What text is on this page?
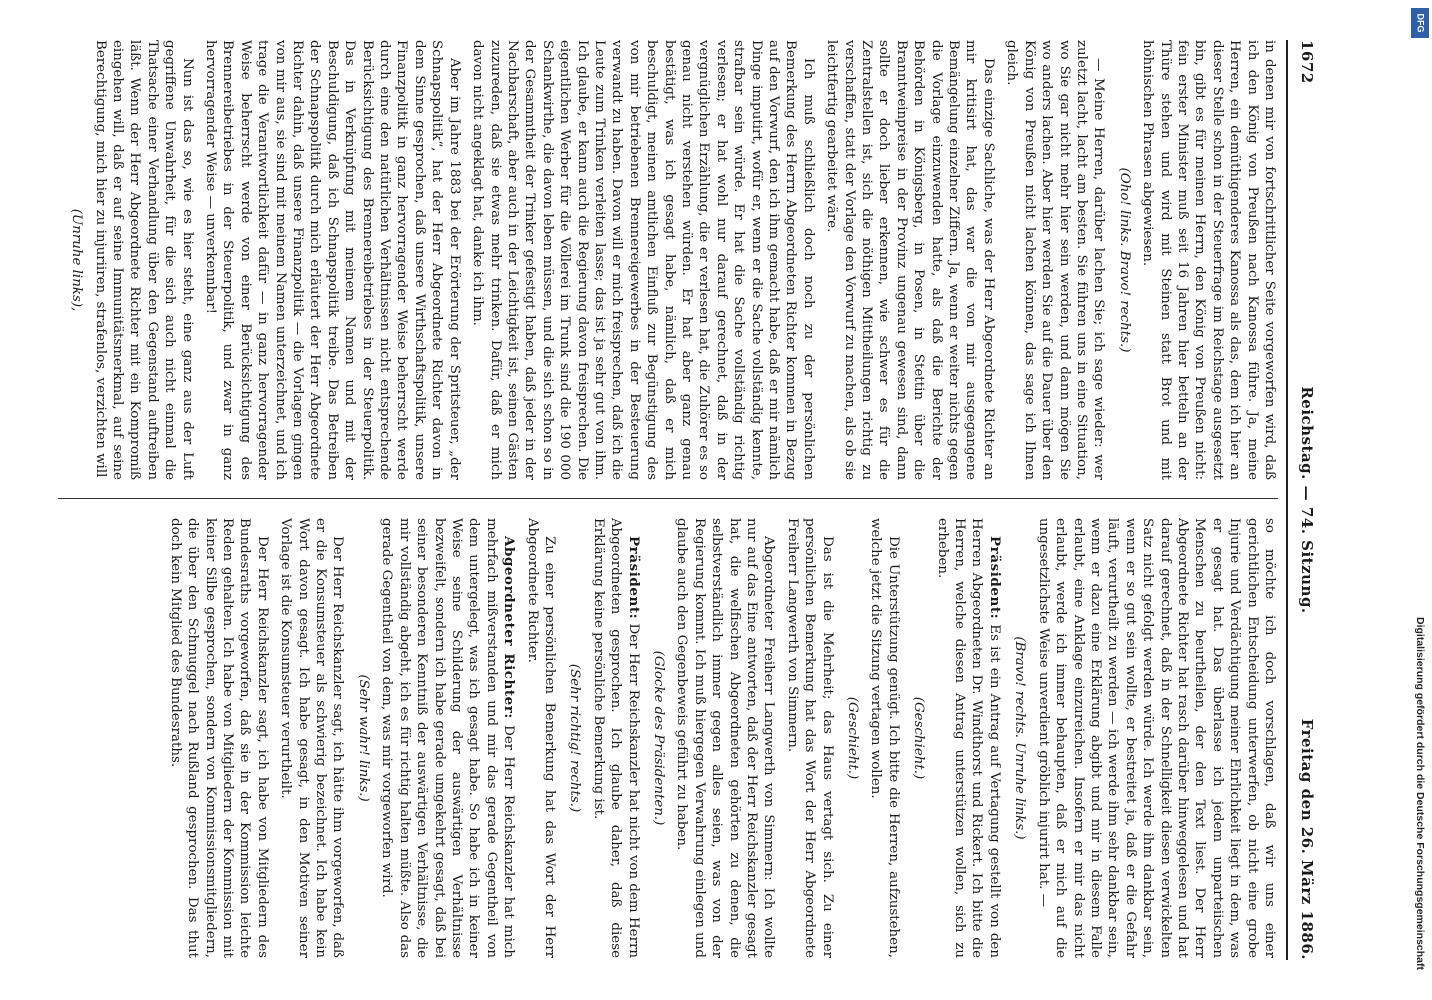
1672
Reichstag. — 74. Sitzung.
Freitag den 26. März 1886.

in denen mir von fortschrittlicher Seite vorgeworfen wird, daß ich den König von Preußen nach Kanossa führe. Ja, meine Herren, ein demüthigenderes Kanossa als das, dem ich hier an dieser Stelle schon in der Steuerfrage im Reichstage ausgesetzt bin, gibt es für meinen Herrn, den König von Preußen nicht: fein erster Minister muß seit 16 Jahren hier betteln an der Thüre stehen und wird mit Steinen statt Brot und mit höhnischen Phrasen abgewiesen.

(Oho! links. Bravo! rechts.)

— Meine Herren, darüber lachen Sie; ich sage wieder: wer zuletzt lacht, lacht am besten. Sie führen uns in eine Situation, wo Sie gar nicht mehr hier sein werden, und dann mögen Sie wo anders lachen. Aber hier werden Sie auf die Dauer über den König von Preußen nicht lachen können, das sage ich Ihnen gleich.

Das einzige Sachliche, was der Herr Abgeordnete Richter an mir kritisirt hat, das war die von mir ausgegangene Bemängelung einzelner Ziffern. Ja, wenn er weiter nichts gegen die Vorlage einzuwenden hatte, als daß die Berichte der Behörden in Königsberg, in Posen, in Stettin über die Branntweinpreise in der Provinz ungenau gewesen sind, dann sollte er doch lieber erkennen, wie schwer es für die Zentralstellen ist, sich die nöthigen Mittheilungen richtig zu verschaffen, statt der Vorlage den Vorwurf zu machen, als ob sie leichtfertig gearbeitet wäre.

Ich muß schließlich doch noch zu der persönlichen Bemerkung des Herrn Abgeordneten Richter kommen in Bezug auf den Vorwurf, den ich ihm gemacht habe, daß er mir nämlich Dinge imputirt, wofür er, wenn er die Sache vollständig kennte, strafbar sein würde. Er hat die Sache vollständig richtig verlesen; er hat wohl nur darauf gerechnet, daß in der vergnüglichen Erzählung, die er verlesen hat, die Zuhörer es so genau nicht verstehen würden. Er hat aber ganz genau bestätigt, was ich gesagt habe, nämlich, daß er mich beschuldigt, meinen amtlichen Einfluß zur Begünstigung des von mir betriebenen Brennereigewerbes in der Besteuerung verwandt zu haben. Davon will er mich freisprechen, daß ich die Leute zum Trinken verleiten lasse; das ist ja sehr gut von ihm. Ich glaube, er kann auch die Regierung davon freisprechen. Die eigentlichen Werber für die Völlerei im Trunk sind die 190 000 Schankwirthe, die davon leben müssen, und die sich schon so in der Gesammtheit der Trinker gefestigt haben, daß jeder in der Nachbarschaft, aber auch in der Leichtigkeit ist, seinen Gästen zuzureden, daß sie etwas mehr trinken. Dafür, daß er mich davon nicht angeklagt hat, danke ich ihm.

Aber im Jahre 1883 bei der Erörterung der Spritsteuer, „der Schnapspolitik“, hat der Herr Abgeordnete Richter davon in dem Sinne gesprochen, daß unsere Wirthschaftspolitik, unsere Finanzpolitik in ganz hervorragender Weise beherrscht werde durch eine den natürlichen Verhältnissen nicht entsprechende Berücksichtigung des Brennereibetriebes in der Steuerpolitik. Das in Verknüpfung mit meinem Namen und mit der Beschuldigung, daß ich Schnapspolitik treibe. Das Betreiben der Schnapspolitik durch mich erläutert der Herr Abgeordnete Richter dahin, daß unsere Finanzpolitik — die Vorlagen gingen von mir aus, sie sind mit meinem Namen unterzeichnet, und ich trage die Verantwortlichkeit dafür — in ganz hervorragender Weise beherrscht werde von einer Berücksichtigung des Brennereibetriebes in der Steuerpolitik, und zwar in ganz hervorragender Weise — unverkennbar!

Nun ist das so, wie es hier steht, eine ganz aus der Luft gegriffene Unwahrheit, für die sich auch nicht einmal die Thatsache einer Verhandlung über den Gegenstand auftreiben läßt. Wenn der Herr Abgeordnete Richter mit ein Kompromiß eingehen will, daß er auf seine Immunitätsmerkmal, auf seine Berechtigung, mich hier zu injuriiren, strafenlos, verzichten will

(Unruhe links),

so möchte ich doch vorschlagen, daß wir uns einer gerichtlichen Entscheidung unterwerfen, ob nicht eine grobe Injurie und Verdächtigung meiner Ehrlichkeit liegt in dem, was er gesagt hat. Das überlasse ich jedem unparteiischen Menschen zu beurtheilen, der den Text liest. Der Herr Abgeordnete Richter hat rasch darüber hinweggelesen und hat darauf gerechnet, daß in der Schnelligkeit diesen verwickelten Satz nicht gefolgt werden würde. Ich werde ihm dankbar sein, wenn er so gut sein wollte, er bestreitet ja, daß er die Gefahr läuft, verurtheilt zu werden — ich werde ihm sehr dankbar sein, wenn er dazu eine Erklärung abgibt und mir in diesem Falle erlaubt, eine Anklage einzureichen. Insofern er mir das nicht erlaubt, werde ich immer behaupten, daß er mich auf die ungesetzlichste Weise unverdient gröblich injurirt hat. —

(Bravo! rechts. Unruhe links.)

Präsident: Es ist ein Antrag auf Vertagung gestellt von den Herren Abgeordneten Dr. Windthorst und Rickert. Ich bitte die Herren, welche diesen Antrag unterstützen wollen, sich zu erheben.

(Geschieht.)

Die Unterstützung genügt. Ich bitte die Herren, aufzustehen, welche jetzt die Sitzung vertagen wollen.

(Geschieht.)

Das ist die Mehrheit; das Haus vertagt sich. Zu einer persönlichen Bemerkung hat das Wort der Herr Abgeordnete Freiherr Langwerth von Simmern.

Abgeordneter Freiherr Langwerth von Simmern: Ich wollte nur auf das Eine antworten, daß der Herr Reichskanzler gesagt hat, die welfischen Abgeordneten gehörten zu denen, die selbstverständlich immer gegen alles seien, was von der Regierung kommt. Ich muß hiergegen Verwahrung einlegen und glaube auch den Gegenbeweis geführt zu haben.

(Glocke des Präsidenten.)

Präsident: Der Herr Reichskanzler hat nicht von dem Herrn Abgeordneten gesprochen. Ich glaube daher, daß diese Erklärung keine persönliche Bemerkung ist.

(Sehr richtig! rechts.)

Zu einer persönlichen Bemerkung hat das Wort der Herr Abgeordnete Richter.

Abgeordneter Richter: Der Herr Reichskanzler hat mich mehrfach mißverstanden und mir das gerade Gegentheil von dem untergelegt, was ich gesagt habe. So habe ich in keiner Weise seine Schilderung der auswärtigen Verhältnisse bezweifelt, sondern ich habe gerade umgekehrt gesagt, daß bei seiner besonderen Kenntniß der auswärtigen Verhältnisse, die mir vollständig abgeht, ich es für richtig halten müßte. Also das gerade Gegentheil von dem, was mir vorgeworfen wird.

(Sehr wahr! links.)

Der Herr Reichskanzler sagt, ich hätte ihm vorgeworfen, daß er die Konsumsteuer als schwierig bezeichnet. Ich habe kein Wort davon gesagt. Ich habe gesagt, in den Motiven seiner Vorlage ist die Konsumsteuer verurtheilt.

Der Herr Reichskanzler sagt, ich habe von Mitgliedern des Bundesraths vorgeworfen, daß sie in der Kommission leichte Reden gehalten. Ich habe von Mitgliedern der Kommission mit keiner Silbe gesprochen, sondern von Kommissionsmitgliedern, die über den Schmuggel nach Rußland gesprochen. Das thut doch kein Mitglied des Bundesraths.	Digitalisierung gefördert durch die Deutsche Forschungsgemeinschaft
DFG
